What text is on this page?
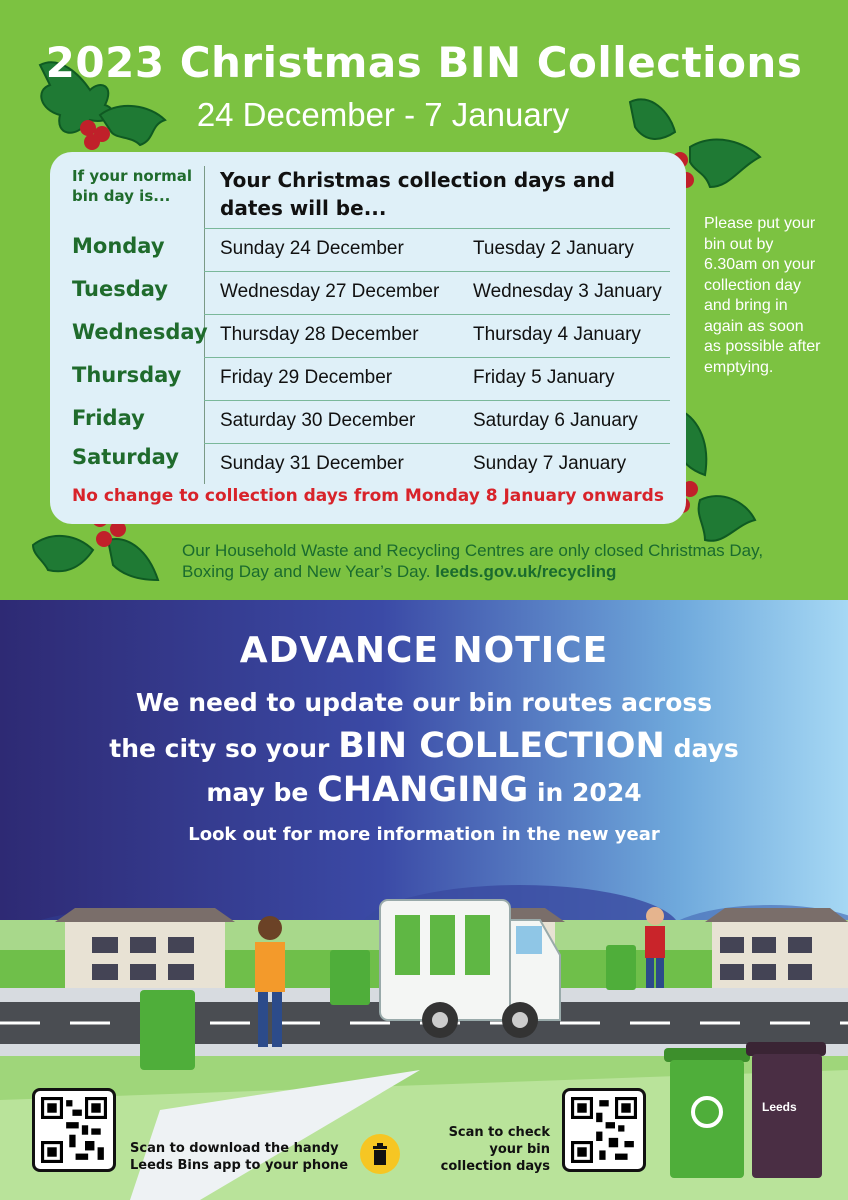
2023 Christmas BIN Collections
24 December - 7 January
If your normal bin day is...
Your Christmas collection days and dates will be...
Monday	Sunday 24 December	Tuesday 2 January
Tuesday	Wednesday 27 December Wednesday 3 January
Wednesday Thursday 28 December	Thursday 4 January
Thursday Friday 29 December	Friday 5 January
Friday	Saturday 30 December	Saturday 6 January
Saturday Sunday 31 December	Sunday 7 January
No change to collection days from Monday 8 January onwards
Please put your bin out by 6.30am on your collection day and bring in again as soon as possible after emptying.
Our Household Waste and Recycling Centres are only closed Christmas Day, Boxing Day and New Year’s Day. leeds.gov.uk/recycling
ADVANCE NOTICE
We need to update our bin routes across
the city so your BIN COLLECTION days
may be CHANGING in 2024
Look out for more information in the new year
Leeds
Scan to download the handy Leeds Bins app to your phone
Scan to check your bin collection days
